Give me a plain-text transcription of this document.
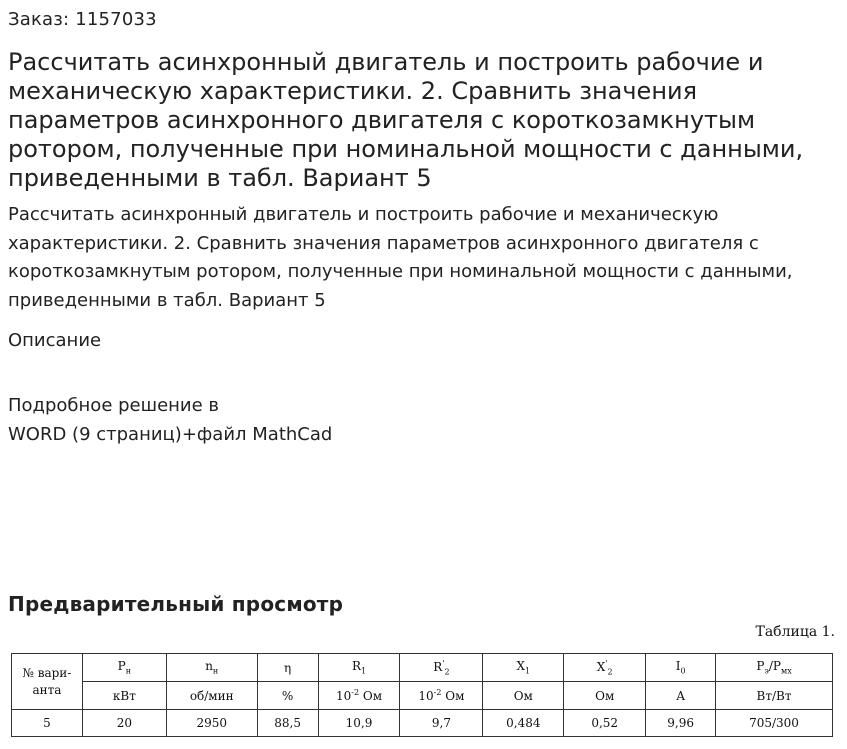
Заказ: 1157033
Рассчитать асинхронный двигатель и построить рабочие и механическую характеристики. 2. Сравнить значения параметров асинхронного двигателя с короткозамкнутым ротором, полученные при номинальной мощности с данными, приведенными в табл. Вариант 5

Рассчитать асинхронный двигатель и построить рабочие и механическую характеристики. 2. Сравнить значения параметров асинхронного двигателя с короткозамкнутым ротором, полученные при номинальной мощности с данными, приведенными в табл. Вариант 5

Описание
Подробное решение в
WORD (9 страниц)+файл MathCad
Предварительный просмотр
Таблица 1.
№ вари-
анта	$P_н$	$n_н$	η	$R_1$	$R'_2$	$X_1$	$X'_2$	$I_0$	$P_э/P_{мх}$
	кВт	об/мин	%	$10^{-2}$ Ом	$10^{-2}$ Ом	Ом	Ом	А	Вт/Вт
5	20	2950	88,5	10,9	9,7	0,484	0,52	9,96	705/300
